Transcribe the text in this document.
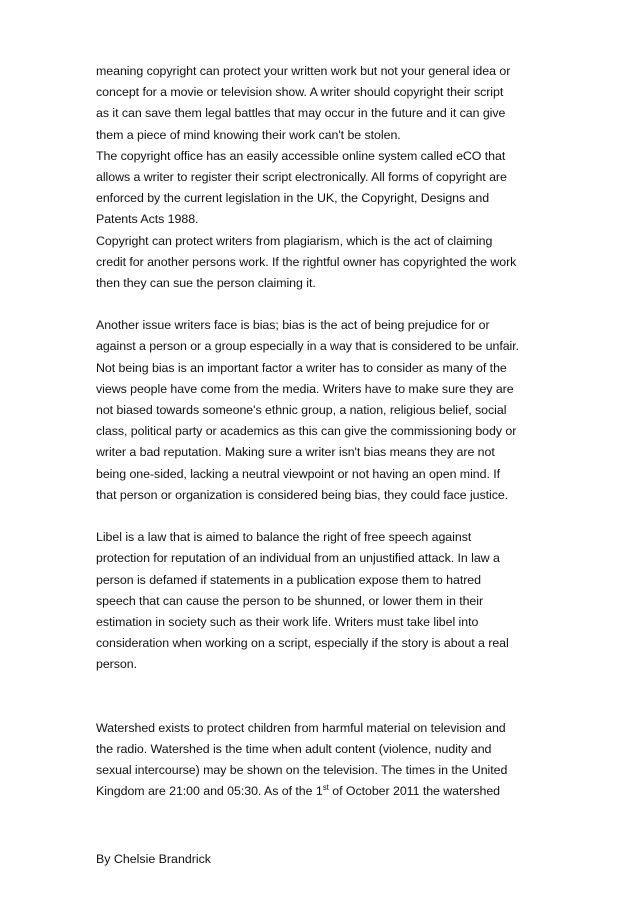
meaning copyright can protect your written work but not your general idea or
concept for a movie or television show. A writer should copyright their script
as it can save them legal battles that may occur in the future and it can give
them a piece of mind knowing their work can't be stolen.
The copyright office has an easily accessible online system called eCO that
allows a writer to register their script electronically. All forms of copyright are
enforced by the current legislation in the UK, the Copyright, Designs and
Patents Acts 1988.
Copyright can protect writers from plagiarism, which is the act of claiming
credit for another persons work. If the rightful owner has copyrighted the work
then they can sue the person claiming it.
Another issue writers face is bias; bias is the act of being prejudice for or
against a person or a group especially in a way that is considered to be unfair.
Not being bias is an important factor a writer has to consider as many of the
views people have come from the media. Writers have to make sure they are
not biased towards someone's ethnic group, a nation, religious belief, social
class, political party or academics as this can give the commissioning body or
writer a bad reputation. Making sure a writer isn't bias means they are not
being one-sided, lacking a neutral viewpoint or not having an open mind. If
that person or organization is considered being bias, they could face justice.
Libel is a law that is aimed to balance the right of free speech against
protection for reputation of an individual from an unjustified attack. In law a
person is defamed if statements in a publication expose them to hatred
speech that can cause the person to be shunned, or lower them in their
estimation in society such as their work life. Writers must take libel into
consideration when working on a script, especially if the story is about a real
person.
Watershed exists to protect children from harmful material on television and
the radio. Watershed is the time when adult content (violence, nudity and
sexual intercourse) may be shown on the television. The times in the United
Kingdom are 21:00 and 05:30. As of the 1st of October 2011 the watershed
By Chelsie Brandrick
